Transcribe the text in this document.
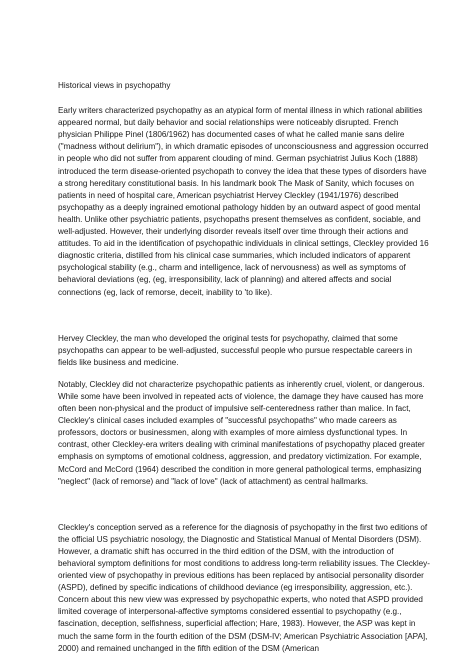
Historical views in psychopathy

Early writers characterized psychopathy as an atypical form of mental illness in which rational abilities appeared normal, but daily behavior and social relationships were noticeably disrupted. French physician Philippe Pinel (1806/1962) has documented cases of what he called manie sans delire ("madness without delirium"), in which dramatic episodes of unconsciousness and aggression occurred in people who did not suffer from apparent clouding of mind. German psychiatrist Julius Koch (1888) introduced the term disease-oriented psychopath to convey the idea that these types of disorders have a strong hereditary constitutional basis. In his landmark book The Mask of Sanity, which focuses on patients in need of hospital care, American psychiatrist Hervey Cleckley (1941/1976) described psychopathy as a deeply ingrained emotional pathology hidden by an outward aspect of good mental health. Unlike other psychiatric patients, psychopaths present themselves as confident, sociable, and well-adjusted. However, their underlying disorder reveals itself over time through their actions and attitudes. To aid in the identification of psychopathic individuals in clinical settings, Cleckley provided 16 diagnostic criteria, distilled from his clinical case summaries, which included indicators of apparent psychological stability (e.g., charm and intelligence, lack of nervousness) as well as symptoms of behavioral deviations (eg, (eg, irresponsibility, lack of planning) and altered affects and social connections (eg, lack of remorse, deceit, inability to 'to like).

Hervey Cleckley, the man who developed the original tests for psychopathy, claimed that some psychopaths can appear to be well-adjusted, successful people who pursue respectable careers in fields like business and medicine.

Notably, Cleckley did not characterize psychopathic patients as inherently cruel, violent, or dangerous. While some have been involved in repeated acts of violence, the damage they have caused has more often been non-physical and the product of impulsive self-centeredness rather than malice. In fact, Cleckley's clinical cases included examples of "successful psychopaths" who made careers as professors, doctors or businessmen, along with examples of more aimless dysfunctional types. In contrast, other Cleckley-era writers dealing with criminal manifestations of psychopathy placed greater emphasis on symptoms of emotional coldness, aggression, and predatory victimization. For example, McCord and McCord (1964) described the condition in more general pathological terms, emphasizing "neglect" (lack of remorse) and "lack of love" (lack of attachment) as central hallmarks.

Cleckley's conception served as a reference for the diagnosis of psychopathy in the first two editions of the official US psychiatric nosology, the Diagnostic and Statistical Manual of Mental Disorders (DSM). However, a dramatic shift has occurred in the third edition of the DSM, with the introduction of behavioral symptom definitions for most conditions to address long-term reliability issues. The Cleckley-oriented view of psychopathy in previous editions has been replaced by antisocial personality disorder (ASPD), defined by specific indications of childhood deviance (eg irresponsibility, aggression, etc.). Concern about this new view was expressed by psychopathic experts, who noted that ASPD provided limited coverage of interpersonal-affective symptoms considered essential to psychopathy (e.g., fascination, deception, selfishness, superficial affection; Hare, 1983). However, the ASP was kept in much the same form in the fourth edition of the DSM (DSM-IV; American Psychiatric Association [APA], 2000) and remained unchanged in the fifth edition of the DSM (American
